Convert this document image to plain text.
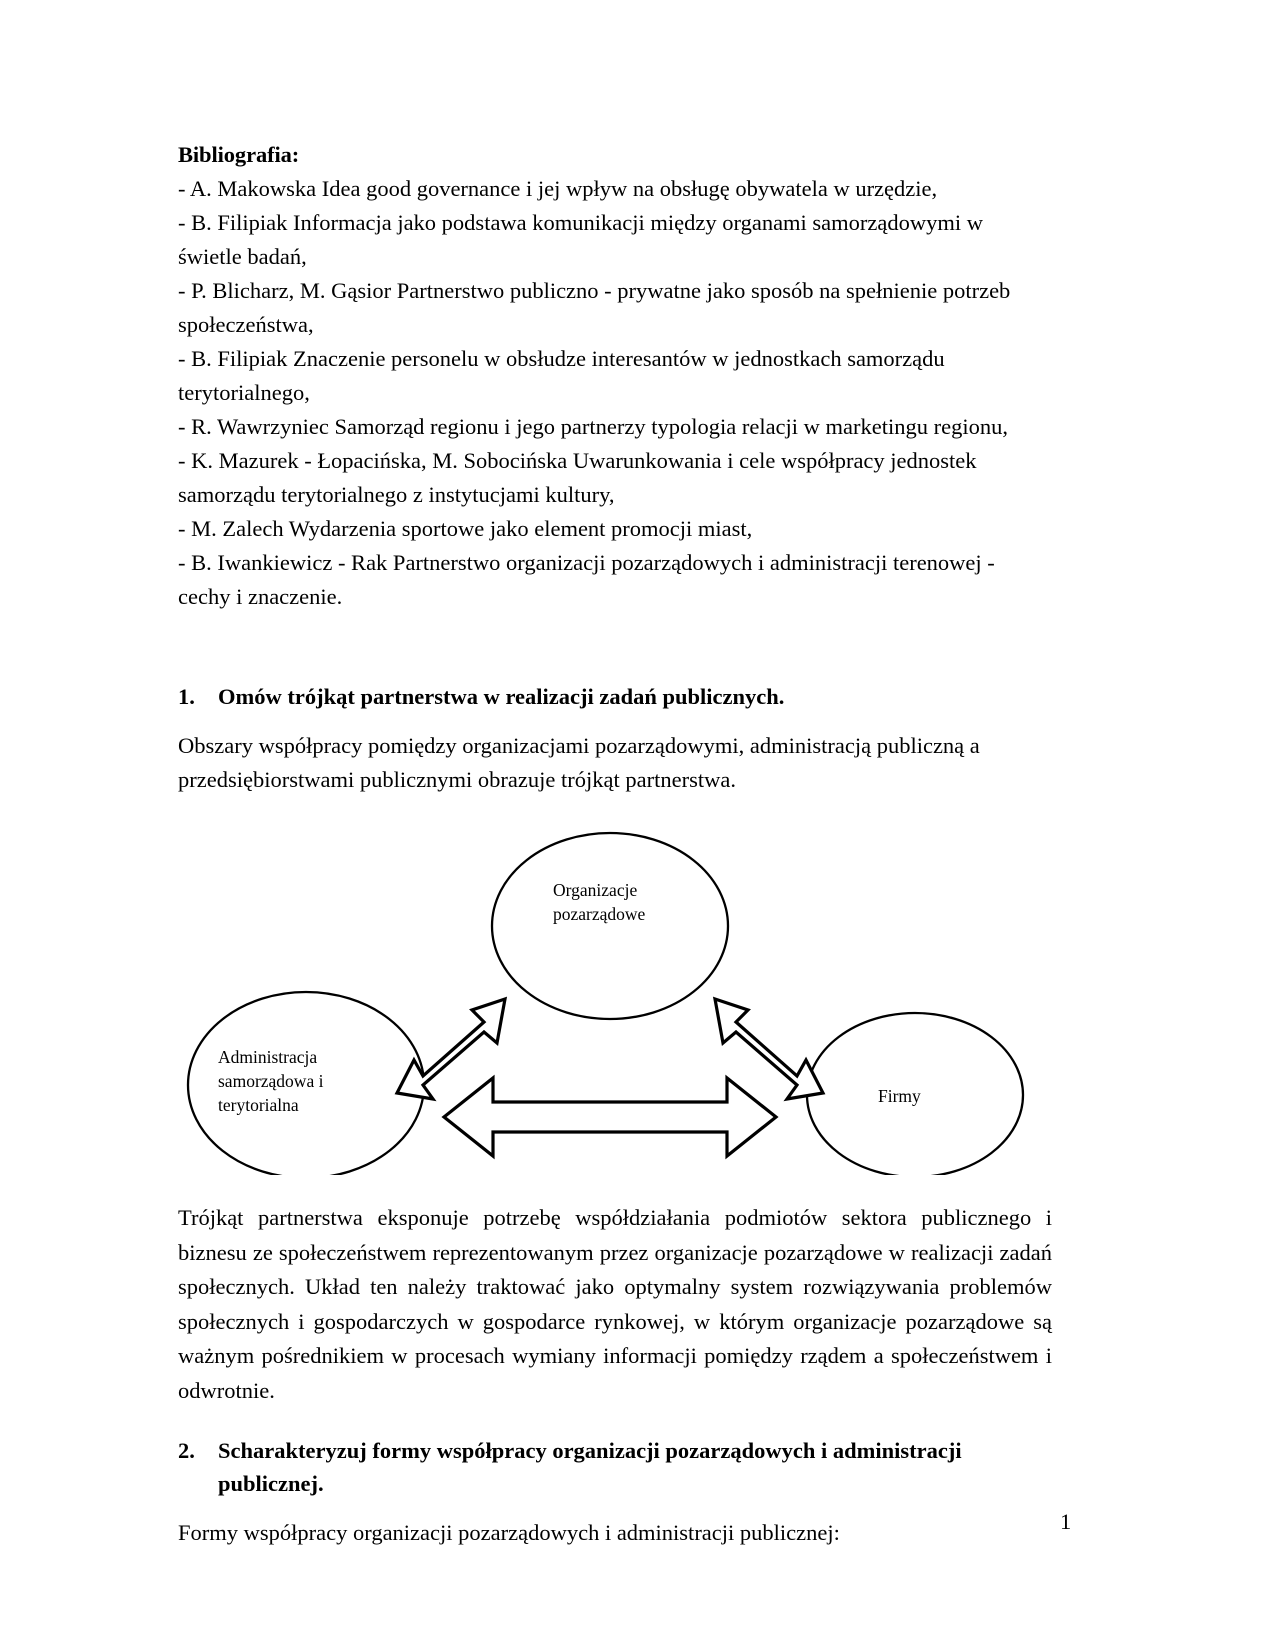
Bibliografia:
- A. Makowska Idea good governance i jej wpływ na obsługę obywatela w urzędzie,
- B. Filipiak Informacja jako podstawa komunikacji między organami samorządowymi w świetle badań,
- P. Blicharz, M. Gąsior Partnerstwo publiczno - prywatne jako sposób na spełnienie potrzeb społeczeństwa,
- B. Filipiak Znaczenie personelu w obsłudze interesantów w jednostkach samorządu terytorialnego,
- R. Wawrzyniec Samorząd regionu i jego partnerzy typologia relacji w marketingu regionu,
- K. Mazurek - Łopacińska, M. Sobocińska Uwarunkowania i cele współpracy jednostek samorządu terytorialnego z instytucjami kultury,
- M. Zalech Wydarzenia sportowe jako element promocji miast,
- B. Iwankiewicz - Rak Partnerstwo organizacji pozarządowych i administracji terenowej - cechy i znaczenie.
1.	Omów trójkąt partnerstwa w realizacji zadań publicznych.
Obszary współpracy pomiędzy organizacjami pozarządowymi, administracją publiczną a przedsiębiorstwami publicznymi obrazuje trójkąt partnerstwa.
Organizacje
pozarządowe
Administracja
samorządowa i
terytorialna	Firmy
Trójkąt partnerstwa eksponuje potrzebę współdziałania podmiotów sektora publicznego i biznesu ze społeczeństwem reprezentowanym przez organizacje pozarządowe w realizacji zadań społecznych. Układ ten należy traktować jako optymalny system rozwiązywania problemów społecznych i gospodarczych w gospodarce rynkowej, w którym organizacje pozarządowe są ważnym pośrednikiem w procesach wymiany informacji pomiędzy rządem a społeczeństwem i odwrotnie.
2.	Scharakteryzuj formy współpracy organizacji pozarządowych i administracji publicznej.
Formy współpracy organizacji pozarządowych i administracji publicznej:	1
